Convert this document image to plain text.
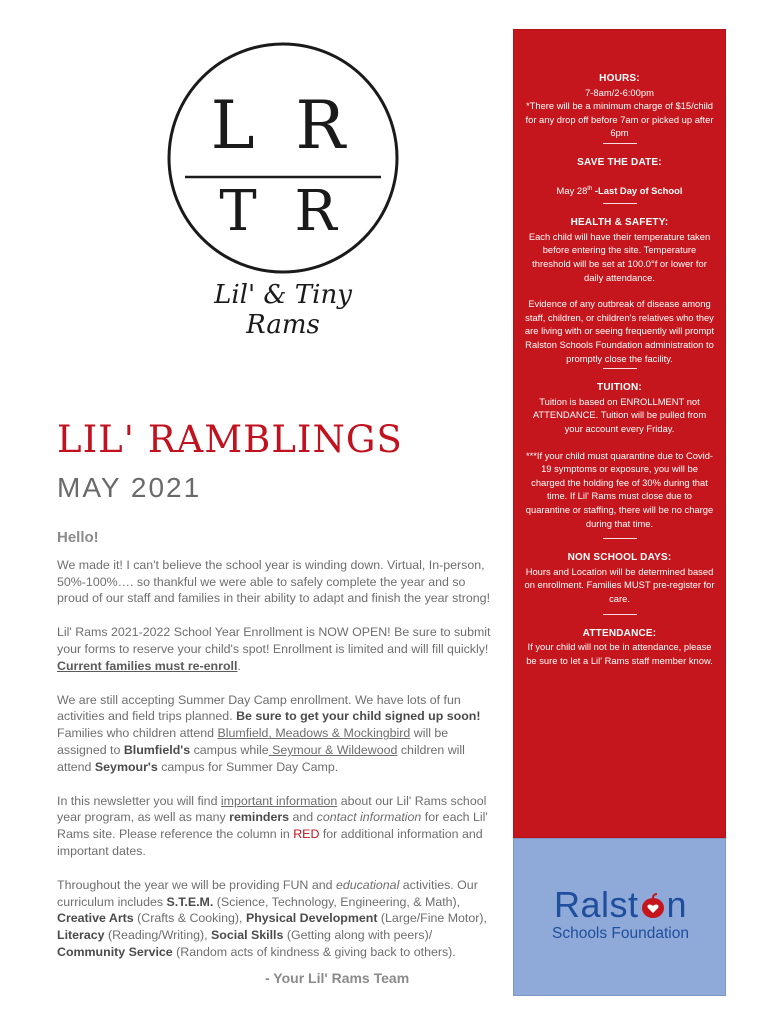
L R
T R
Lil' & Tiny
Rams
LIL' RAMBLINGS
MAY 2021
Hello!

We made it! I can't believe the school year is winding down. Virtual, In-person, 50%-100%…. so thankful we were able to safely complete the year and so proud of our staff and families in their ability to adapt and finish the year strong!

Lil' Rams 2021-2022 School Year Enrollment is NOW OPEN! Be sure to submit your forms to reserve your child's spot! Enrollment is limited and will fill quickly! Current families must re-enroll.

We are still accepting Summer Day Camp enrollment. We have lots of fun activities and field trips planned. Be sure to get your child signed up soon! Families who children attend Blumfield, Meadows & Mockingbird will be assigned to Blumfield's campus while Seymour & Wildewood children will attend Seymour's campus for Summer Day Camp.

In this newsletter you will find important information about our Lil' Rams school year program, as well as many reminders and contact information for each Lil' Rams site. Please reference the column in RED for additional information and important dates.

Throughout the year we will be providing FUN and educational activities. Our curriculum includes S.T.E.M. (Science, Technology, Engineering, & Math), Creative Arts (Crafts & Cooking), Physical Development (Large/Fine Motor), Literacy (Reading/Writing), Social Skills (Getting along with peers)/ Community Service (Random acts of kindness & giving back to others).

- Your Lil' Rams Team
HOURS:
7-8am/2-6:00pm
*There will be a minimum charge of $15/child for any drop off before 7am or picked up after 6pm
SAVE THE DATE:
May 28th -Last Day of School
HEALTH & SAFETY:
Each child will have their temperature taken before entering the site. Temperature threshold will be set at 100.0°f or lower for daily attendance.
Evidence of any outbreak of disease among staff, children, or children's relatives who they are living with or seeing frequently will prompt Ralston Schools Foundation administration to promptly close the facility.
TUITION:
Tuition is based on ENROLLMENT not ATTENDANCE. Tuition will be pulled from your account every Friday.
***If your child must quarantine due to Covid-19 symptoms or exposure, you will be charged the holding fee of 30% during that time. If Lil' Rams must close due to quarantine or staffing, there will be no charge during that time.
NON SCHOOL DAYS:
Hours and Location will be determined based on enrollment. Families MUST pre-register for care.
ATTENDANCE:
If your child will not be in attendance, please be sure to let a Lil' Rams staff member know.
Ralst n
Schools Foundation
